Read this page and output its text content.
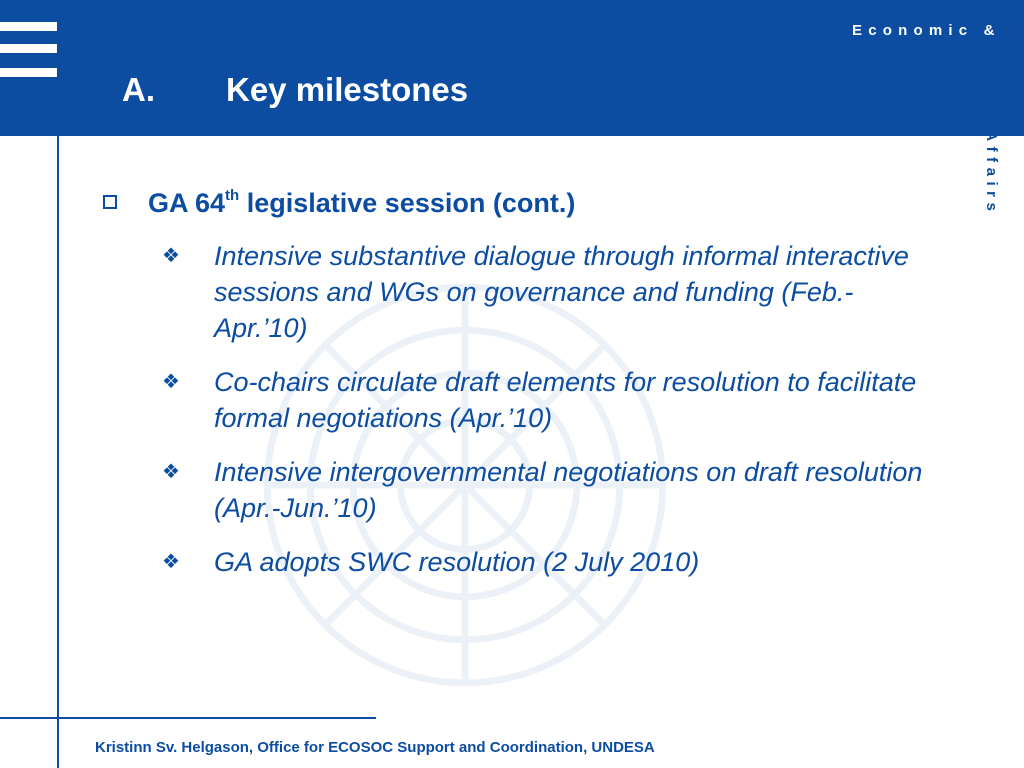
A. Key milestones
Economic &
Social Affairs
GA 64th legislative session (cont.)
❖	Intensive substantive dialogue through informal interactive sessions and WGs on governance and funding (Feb.-Apr.’10)
❖	Co-chairs circulate draft elements for resolution to facilitate formal negotiations (Apr.’10)
❖	Intensive intergovernmental negotiations on draft resolution (Apr.-Jun.’10)
❖	GA adopts SWC resolution (2 July 2010)
Kristinn Sv. Helgason, Office for ECOSOC Support and Coordination, UNDESA
